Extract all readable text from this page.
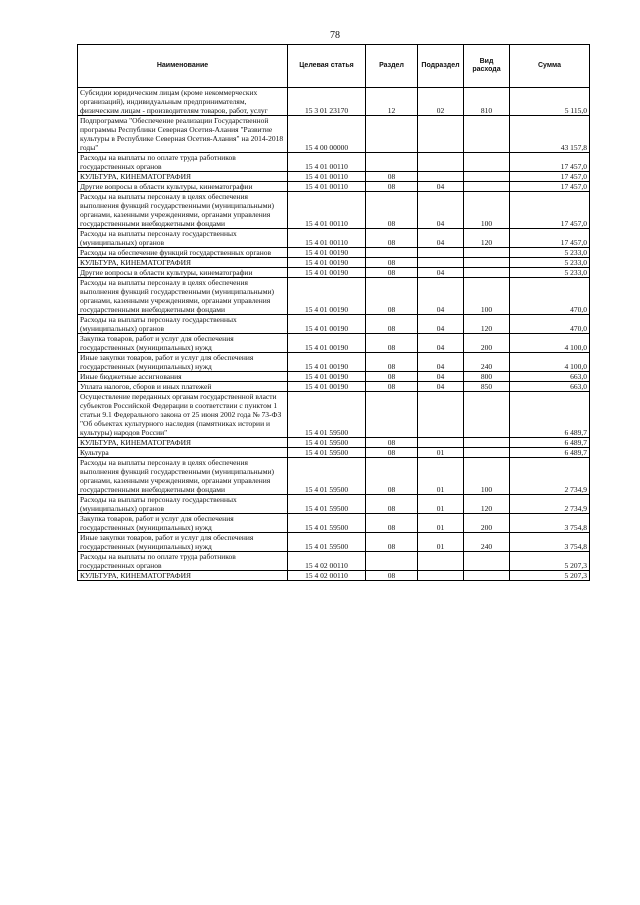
78
Наименование	Целевая статья	Раздел	Подраздел	Вид расхода	Сумма
Субсидии юридическим лицам (кроме некоммерческих организаций), индивидуальным предпринимателям, физическим лицам - производителям товаров, работ, услуг	15 3 01 23170	12	02	810	5 115,0
Подпрограмма "Обеспечение реализации Государственной программы Республики Северная Осетия-Алания "Развитие культуры в Республике Северная Осетия-Алания" на 2014-2018 годы"	15 4 00 00000				43 157,8
Расходы на выплаты по оплате труда работников государственных органов	15 4 01 00110				17 457,0
КУЛЬТУРА, КИНЕМАТОГРАФИЯ	15 4 01 00110	08			17 457,0
Другие вопросы в области культуры, кинематографии	15 4 01 00110	08	04		17 457,0
Расходы на выплаты персоналу в целях обеспечения выполнения функций государственными (муниципальными) органами, казенными учреждениями, органами управления государственными внебюджетными фондами	15 4 01 00110	08	04	100	17 457,0
Расходы на выплаты персоналу государственных (муниципальных) органов	15 4 01 00110	08	04	120	17 457,0
Расходы на обеспечение функций государственных органов	15 4 01 00190				5 233,0
КУЛЬТУРА, КИНЕМАТОГРАФИЯ	15 4 01 00190	08			5 233,0
Другие вопросы в области культуры, кинематографии	15 4 01 00190	08	04		5 233,0
Расходы на выплаты персоналу в целях обеспечения выполнения функций государственными (муниципальными) органами, казенными учреждениями, органами управления государственными внебюджетными фондами	15 4 01 00190	08	04	100	470,0
Расходы на выплаты персоналу государственных (муниципальных) органов	15 4 01 00190	08	04	120	470,0
Закупка товаров, работ и услуг для обеспечения государственных (муниципальных) нужд	15 4 01 00190	08	04	200	4 100,0
Иные закупки товаров, работ и услуг для обеспечения государственных (муниципальных) нужд	15 4 01 00190	08	04	240	4 100,0
Иные бюджетные ассигнования	15 4 01 00190	08	04	800	663,0
Уплата налогов, сборов и иных платежей	15 4 01 00190	08	04	850	663,0
Осуществление переданных органам государственной власти субъектов Российской Федерации в соответствии с пунктом 1 статьи 9.1 Федерального закона от 25 июня 2002 года № 73-ФЗ "Об объектах культурного наследия (памятниках истории и культуры) народов России"	15 4 01 59500				6 489,7
КУЛЬТУРА, КИНЕМАТОГРАФИЯ	15 4 01 59500	08			6 489,7
Культура	15 4 01 59500	08	01		6 489,7
Расходы на выплаты персоналу в целях обеспечения выполнения функций государственными (муниципальными) органами, казенными учреждениями, органами управления государственными внебюджетными фондами	15 4 01 59500	08	01	100	2 734,9
Расходы на выплаты персоналу государственных (муниципальных) органов	15 4 01 59500	08	01	120	2 734,9
Закупка товаров, работ и услуг для обеспечения государственных (муниципальных) нужд	15 4 01 59500	08	01	200	3 754,8
Иные закупки товаров, работ и услуг для обеспечения государственных (муниципальных) нужд	15 4 01 59500	08	01	240	3 754,8
Расходы на выплаты по оплате труда работников государственных органов	15 4 02 00110				5 207,3
КУЛЬТУРА, КИНЕМАТОГРАФИЯ	15 4 02 00110	08			5 207,3
